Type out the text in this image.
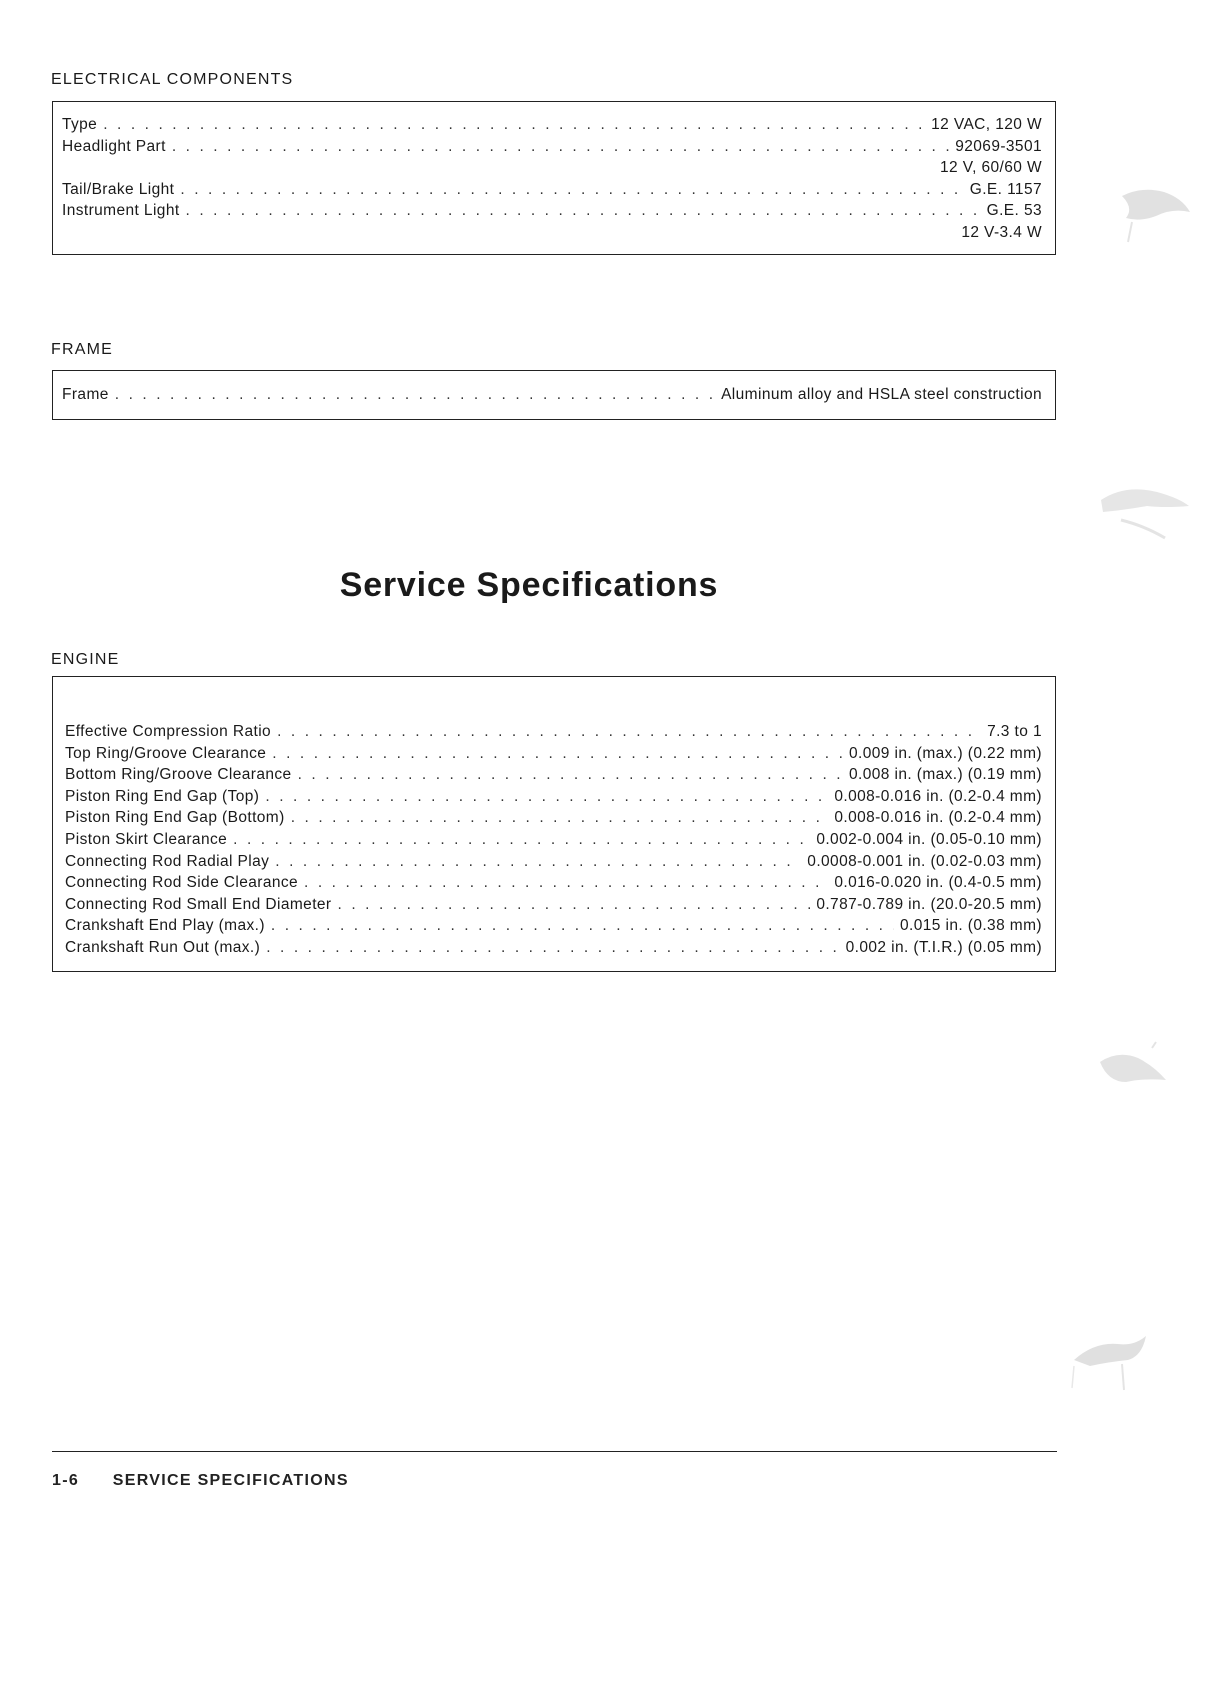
ELECTRICAL COMPONENTS
Type . . .	12 VAC, 120 W
Headlight Part . . .	92069-3501
12 V, 60/60 W
Tail/Brake Light . . .	G.E. 1157
Instrument Light . . .	G.E. 53
12 V-3.4 W
FRAME
Frame . . .	Aluminum alloy and HSLA steel construction
Service Specifications
ENGINE
Effective Compression Ratio . . .	7.3 to 1
Top Ring/Groove Clearance . . .	0.009 in. (max.) (0.22 mm)
Bottom Ring/Groove Clearance . . .	0.008 in. (max.) (0.19 mm)
Piston Ring End Gap (Top) . . .	0.008-0.016 in. (0.2-0.4 mm)
Piston Ring End Gap (Bottom) . . .	0.008-0.016 in. (0.2-0.4 mm)
Piston Skirt Clearance . . .	0.002-0.004 in. (0.05-0.10 mm)
Connecting Rod Radial Play . . .	0.0008-0.001 in. (0.02-0.03 mm)
Connecting Rod Side Clearance . . .	0.016-0.020 in. (0.4-0.5 mm)
Connecting Rod Small End Diameter . . .	0.787-0.789 in. (20.0-20.5 mm)
Crankshaft End Play (max.) . . .	0.015 in. (0.38 mm)
Crankshaft Run Out (max.) . . .	0.002 in. (T.I.R.) (0.05 mm)
1-6 SERVICE SPECIFICATIONS
